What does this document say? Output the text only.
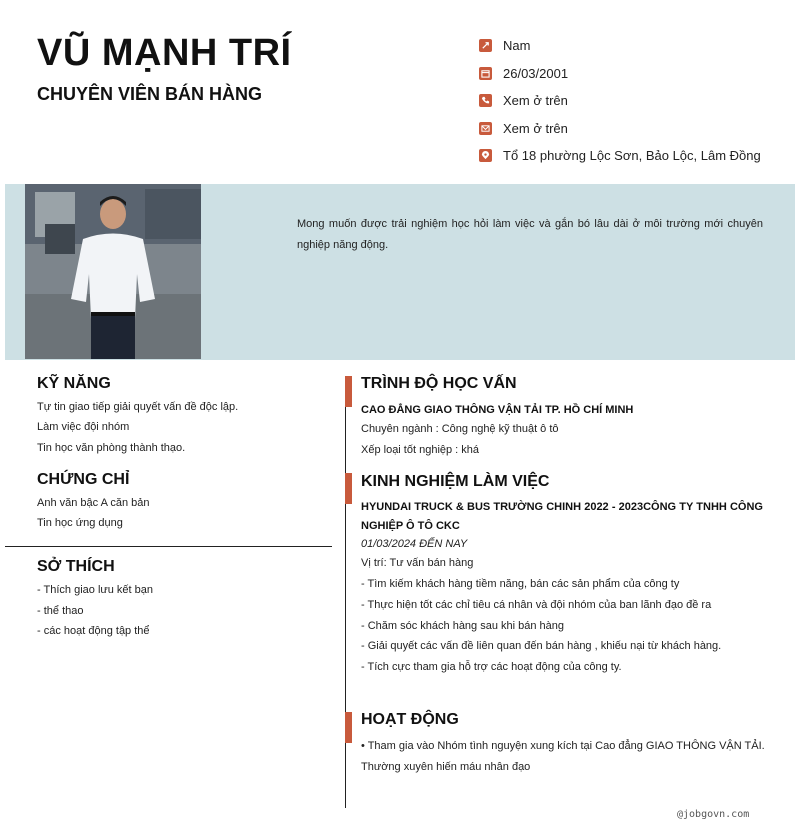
VŨ MẠNH TRÍ
CHUYÊN VIÊN BÁN HÀNG
Nam
26/03/2001
Xem ở trên
Xem ở trên
Tổ 18 phường Lộc Sơn, Bảo Lộc, Lâm Đồng
Mong muốn được trải nghiệm học hỏi làm việc và gắn bó lâu dài ở môi trường mới chuyên nghiệp năng động.
KỸ NĂNG
Tự tin giao tiếp giải quyết vấn đề độc lập.
Làm việc đội nhóm
Tin học văn phòng thành thạo.
CHỨNG CHỈ
Anh văn bậc A căn bản
Tin học ứng dụng
SỞ THÍCH
- Thích giao lưu kết bạn
- thể thao
- các hoạt động tập thể
TRÌNH ĐỘ HỌC VẤN
CAO ĐẲNG GIAO THÔNG VẬN TẢI TP. HỒ CHÍ MINH
Chuyên ngành : Công nghệ kỹ thuật ô tô
Xếp loại tốt nghiệp : khá
KINH NGHIỆM LÀM VIỆC
HYUNDAI TRUCK & BUS TRƯỜNG CHINH 2022 - 2023CÔNG TY TNHH CÔNG NGHIỆP Ô TÔ CKC
01/03/2024 ĐẾN NAY
Vị trí: Tư vấn bán hàng
- Tìm kiếm khách hàng tiềm năng, bán các sản phẩm của công ty
- Thực hiện tốt các chỉ tiêu cá nhân và đội nhóm của ban lãnh đạo đề ra
- Chăm sóc khách hàng sau khi bán hàng
- Giải quyết các vấn đề liên quan đến bán hàng , khiếu nại từ khách hàng.
- Tích cực tham gia hỗ trợ các hoạt động của công ty.
HOẠT ĐỘNG
• Tham gia vào Nhóm tình nguyện xung kích tại Cao đẳng GIAO THÔNG VẬN TẢI.
Thường xuyên hiến máu nhân đạo
@jobgovn.com
